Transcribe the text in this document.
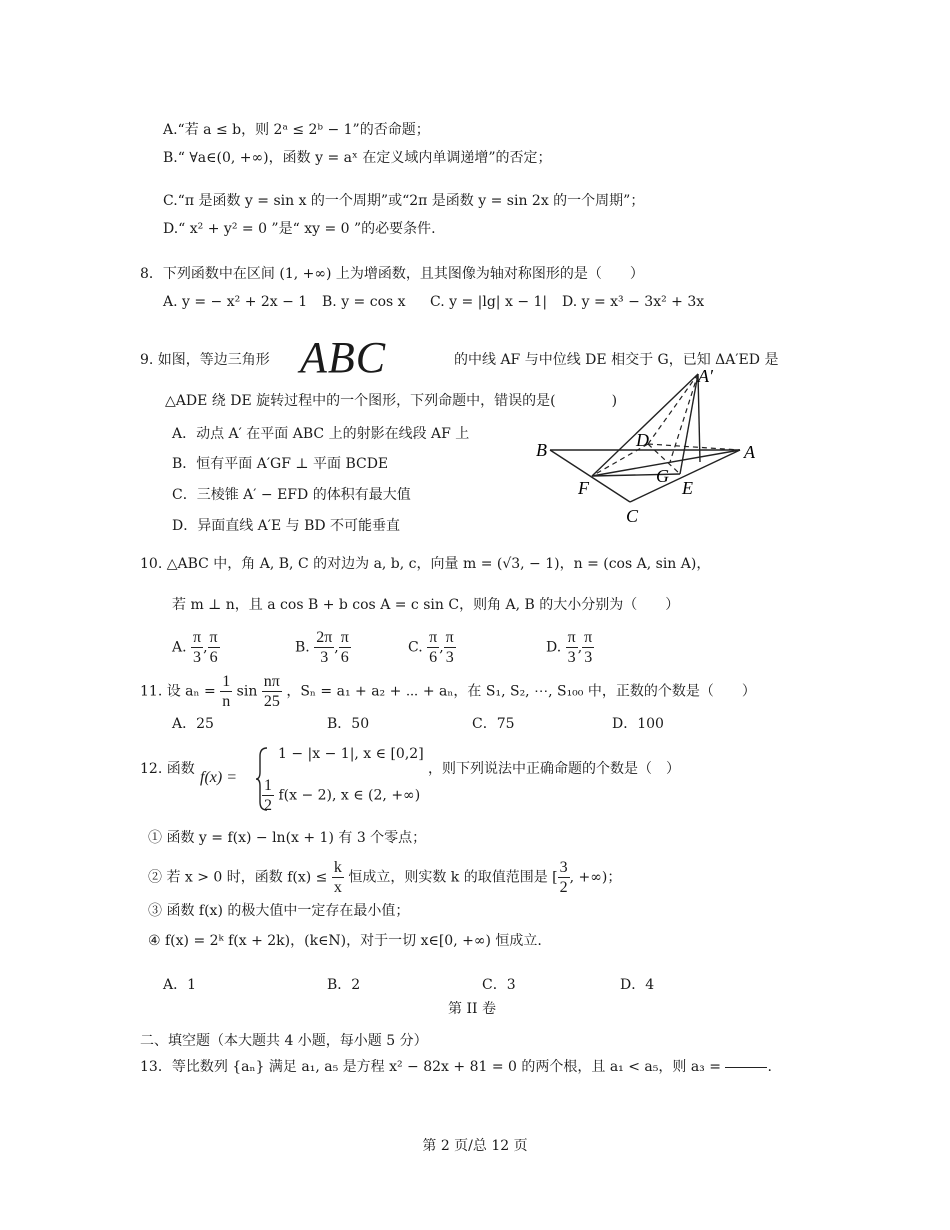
A.“若 a ≤ b，则 2ᵃ ≤ 2ᵇ − 1”的否命题；
B.“ ∀a∈(0, +∞)，函数 y = aˣ 在定义域内单调递增”的否定；
C.“π 是函数 y = sin x 的一个周期”或“2π 是函数 y = sin 2x 的一个周期”；
D.“ x² + y² = 0 ”是“ xy = 0 ”的必要条件.
8．下列函数中在区间 (1, +∞) 上为增函数，且其图像为轴对称图形的是（　　）
A. y = − x² + 2x − 1 B. y = cos x C. y = |lg| x − 1| D. y = x³ − 3x² + 3x
9. 如图，等边三角形 ABC	的中线 AF 与中位线 DE 相交于 G，已知 ΔA′ED 是
△ADE 绕 DE 旋转过程中的一个图形，下列命题中，错误的是(　　　　)
A．动点 A′ 在平面 ABC 上的射影在线段 AF 上
B．恒有平面 A′GF ⊥ 平面 BCDE
C．三棱锥 A′ − EFD 的体积有最大值
D．异面直线 A′E 与 BD 不可能垂直
A′
B	A
D
G
F	E
C
10. △ABC 中，角 A, B, C 的对边为 a, b, c，向量 m = (√3, − 1)，n = (cos A, sin A)，
若 m ⊥ n，且 a cos B + b cos A = c sin C，则角 A, B 的大小分别为（　　）
A. $\frac{\pi}{3}$ , $\frac{\pi}{6}$	B. $\frac{2\pi}{3}$ , $\frac{\pi}{6}$	C. $\frac{\pi}{6}$ , $\frac{\pi}{3}$	D. $\frac{\pi}{3}$ , $\frac{\pi}{3}$
11. 设 $a_n = \frac{1}{n}$ $\sin \frac{n\pi}{25}$ ，Sₙ = a₁ + a₂ + ⋯ + aₙ，在 S₁, S₂, ⋯, S₁₀₀ 中，正数的个数是（　　）
A．25	B．50	C．75	D．100
12. 函数 f(x) =
1 − |x − 1|, x ∈ [0,2]
$\frac{1}{2} f(x - 2)$, x ∈ (2, +∞)
，则下列说法中正确命题的个数是（　）
① 函数 y = f(x) − ln(x + 1) 有 3 个零点；
② 若 x > 0 时，函数 $f(x) \le \frac{k}{x}$ 恒成立，则实数 k 的取值范围是 [ $\frac{3}{2}$ , +∞)；
③ 函数 f(x) 的极大值中一定存在最小值；
④ f(x) = 2ᵏ f(x + 2k)，(k∈N)，对于一切 x∈[0, +∞) 恒成立.
A．1	B．2	C．3	D．4
第 II 卷
二、填空题（本大题共 4 小题，每小题 5 分）
13．等比数列 {aₙ} 满足 a₁, a₅ 是方程 x² − 82x + 81 = 0 的两个根，且 a₁ < a₅，则 a₃ =	.
第 2 页/总 12 页
